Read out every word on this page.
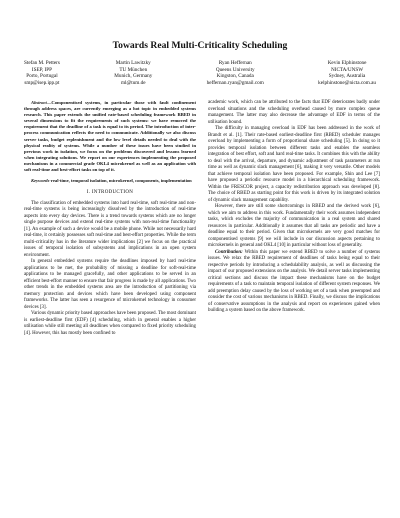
Towards Real Multi-Criticality Scheduling
Stefan M. Petters
ISEP, IPP
Porto, Portugal
smp@isep.ipp.pt
Martin Lawitzky
TU München
Munich, Germany
ml@tum.de
Ryan Heffernan
Queens University
Kingston, Canada
heffernan.ryan@gmail.com
Kevin Elphinstone
NICTA/UNSW
Sydney, Australia
kelphinstone@nicta.com.au

Abstract—Componentised systems, in particular those with fault confinement through address spaces, are currently emerging as a hot topic in embedded systems research. This paper extends the unified rate-based scheduling framework RBED in several dimensions to fit the requirements of such systems: we have removed the requirement that the deadline of a task is equal to its period. The introduction of inter-process communication reflects the need to communicate. Additionally we also discuss server tasks, budget replenishment and the low level details needed to deal with the physical reality of systems. While a number of these issues have been studied in previous work in isolation, we focus on the problems discovered and lessons learned when integrating solutions. We report on our experiences implementing the proposed mechanisms in a commercial grade OKL4 microkernel as well as an application with soft real-time and best-effort tasks on top of it.

Keywords-real-time, temporal isolation, microkernel, components, implementation

I. INTRODUCTION

The classification of embedded systems into hard real-time, soft real-time and non-real-time systems is being increasingly dissolved by the introduction of real-time aspects into every day devices. There is a trend towards systems which are no longer single purpose devices and extend real-time systems with non-real-time functionality [1]. An example of such a device would be a mobile phone. While not necessarily hard real-time, it certainly possesses soft real-time and best-effort properties. While the term multi-criticality has in the literature wider implications [2] we focus on the practical issues of temporal isolation of subsystems and implications in an open system environment.

In general embedded systems require the deadlines imposed by hard real-time applications to be met, the probability of missing a deadline for soft-real-time applications to be managed gracefully, and other applications to be served in an efficient best-effort manner to ensure that fair progress is made by all applications. Two other trends in the embedded systems area are the introduction of partitioning via memory protection and devices which have been developed using component frameworks. The latter has seen a resurgence of microkernel technology in consumer devices [3].

Various dynamic priority based approaches have been proposed. The most dominant is earliest-deadline first (EDF) [4] scheduling, which in general enables a higher utilisation while still meeting all deadlines when compared to fixed priority scheduling [4]. However, this has mostly been confined to

academic work, which can be attributed to the facts that EDF deteriorates badly under overload situations and the scheduling overhead caused by more complex queue management. The latter may also decrease the advantage of EDF in terms of the utilisation bound.

The difficulty in managing overload in EDF has been addressed in the work of Brandt et al. [1]. Their rate-based earliest-deadline first (RBED) scheduler manages overload by implementing a form of proportional share scheduling [5]. In doing so it provides temporal isolation between different tasks and enables the seamless integration of best effort, soft and hard real-time tasks. It combines this with the ability to deal with the arrival, departure, and dynamic adjustment of task parameters at run time as well as dynamic slack management [6], making it very versatile. Other models that achieve temporal isolation have been proposed. For example, Shin and Lee [7] have proposed a periodic resource model in a hierarchical scheduling framework. Within the FRESCOR project, a capacity redistribution approach was developed [8]. The choice of RBED as starting point for this work is driven by its integrated solution of dynamic slack management capability.

However, there are still some shortcomings in RBED and the derived work [6], which we aim to address in this work. Fundamentally their work assumes independent tasks, which excludes the majority of communication in a real system and shared resources in particular. Additionally it assumes that all tasks are periodic and have a deadline equal to their period. Given that microkernels are very good matches for componentised systems [9] we will include in our discussion aspects pertaining to microkernels in general and OKL4 [10] in particular without loss of generality.

Contribution: Within this paper we extend RBED to solve a number of systems issues. We relax the RBED requirement of deadlines of tasks being equal to their respective periods by introducing a schedulability analysis, as well as discussing the impact of our proposed extensions on the analysis. We detail server tasks implementing critical sections and discuss the impact these mechanisms have on the budget requirements of a task to maintain temporal isolation of different system responses. We add preemption delay caused by the loss of working set of a task when preempted and consider the cost of various mechanisms in RBED. Finally, we discuss the implications of conservative assumptions in the analysis and report on experiences gained when building a system based on the above framework.
